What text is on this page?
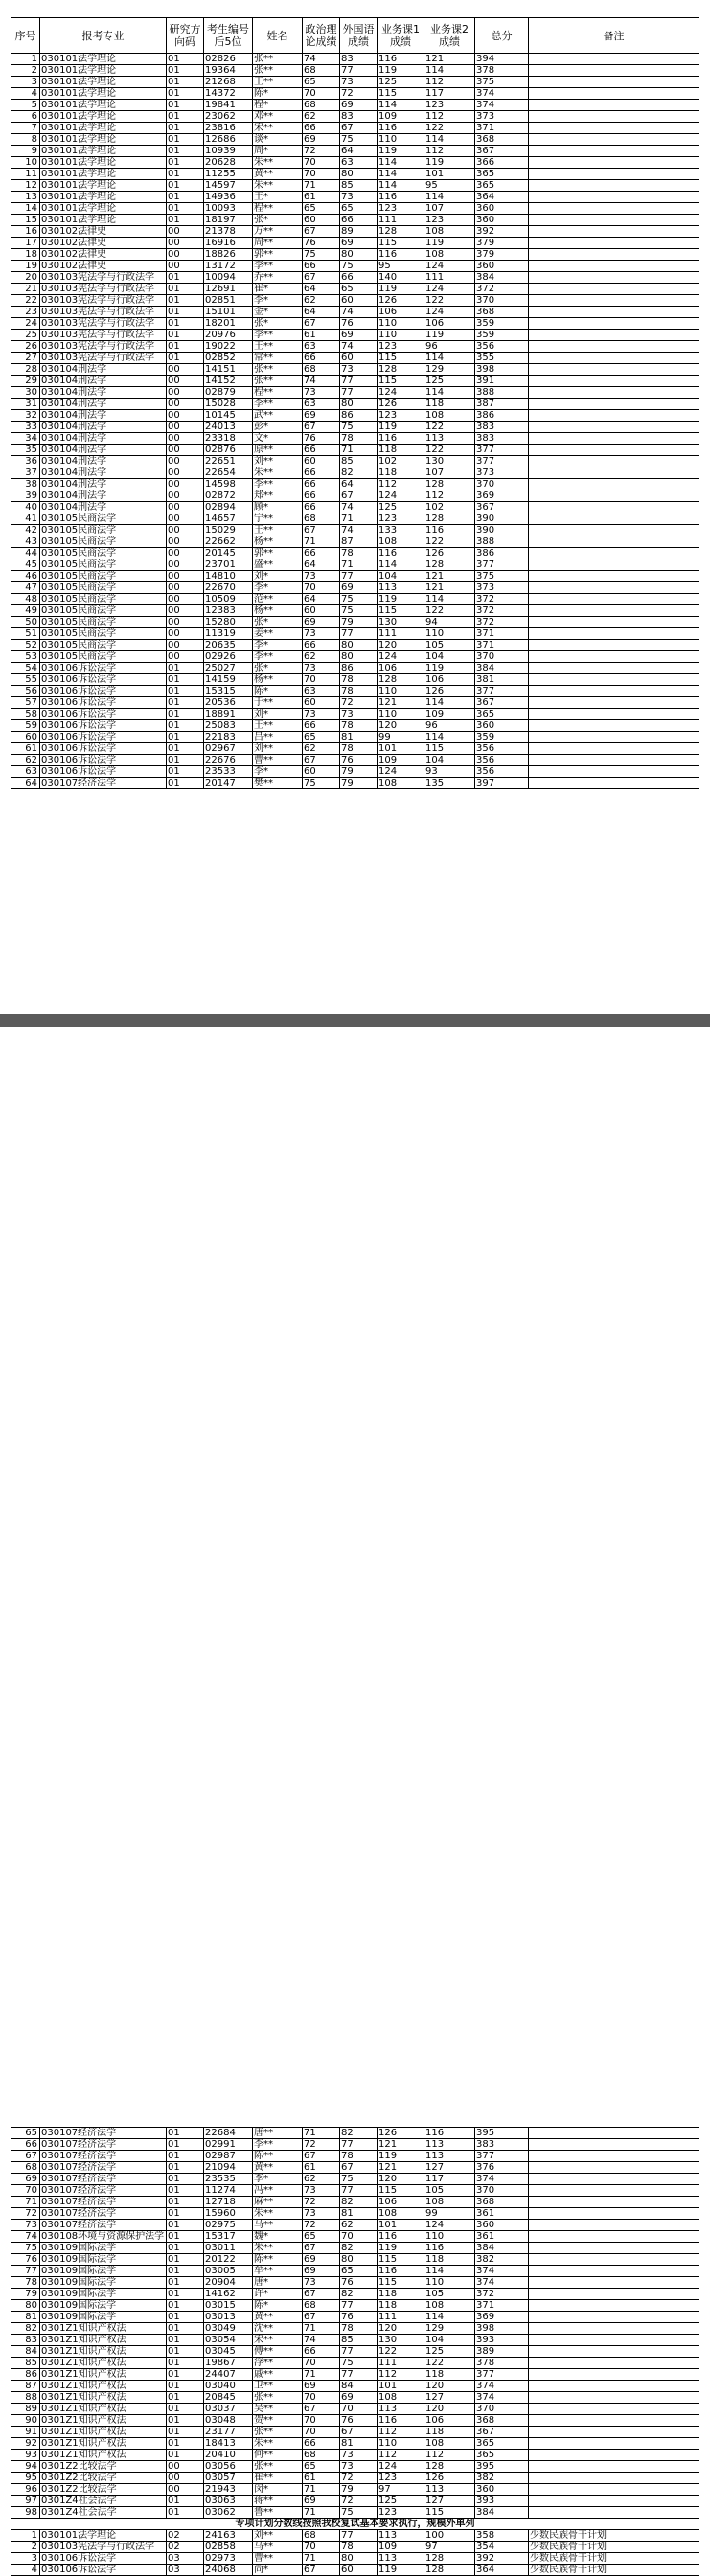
序号	报考专业	研究方向码	考生编号后5位	姓名	政治理论成绩	外国语成绩	业务课1成绩	业务课2成绩	总分	备注
1	030101法学理论	01	02826	张**	74	83	116	121	394	
2	030101法学理论	01	19364	张**	68	77	119	114	378	
3	030101法学理论	01	21268	王**	65	73	125	112	375	
4	030101法学理论	01	14372	陈*	70	72	115	117	374	
5	030101法学理论	01	19841	程*	68	69	114	123	374	
6	030101法学理论	01	23062	邓**	62	83	109	112	373	
7	030101法学理论	01	23816	宋**	66	67	116	122	371	
8	030101法学理论	01	12686	谈*	69	75	110	114	368	
9	030101法学理论	01	10939	周*	72	64	119	112	367	
10	030101法学理论	01	20628	朱**	70	63	114	119	366	
11	030101法学理论	01	11255	黄**	70	80	114	101	365	
12	030101法学理论	01	14597	朱**	71	85	114	95	365	
13	030101法学理论	01	14936	王*	61	73	116	114	364	
14	030101法学理论	01	10093	程**	65	65	123	107	360	
15	030101法学理论	01	18197	张*	60	66	111	123	360	
16	030102法律史	00	21378	万**	67	89	128	108	392	
17	030102法律史	00	16916	周**	76	69	115	119	379	
18	030102法律史	00	18826	郭**	75	80	116	108	379	
19	030102法律史	00	13172	李**	66	75	95	124	360	
20	030103宪法学与行政法学	01	10094	乔**	67	66	140	111	384	
21	030103宪法学与行政法学	01	12691	崔*	64	65	119	124	372	
22	030103宪法学与行政法学	01	02851	李*	62	60	126	122	370	
23	030103宪法学与行政法学	01	15101	金*	64	74	106	124	368	
24	030103宪法学与行政法学	01	18201	张*	67	76	110	106	359	
25	030103宪法学与行政法学	01	20976	李**	61	69	110	119	359	
26	030103宪法学与行政法学	01	19022	王**	63	74	123	96	356	
27	030103宪法学与行政法学	01	02852	常**	66	60	115	114	355	
28	030104刑法学	00	14151	张**	68	73	128	129	398	
29	030104刑法学	00	14152	张**	74	77	115	125	391	
30	030104刑法学	00	02879	程**	73	77	124	114	388	
31	030104刑法学	00	15028	李**	63	80	126	118	387	
32	030104刑法学	00	10145	武**	69	86	123	108	386	
33	030104刑法学	00	24013	彭*	67	75	119	122	383	
34	030104刑法学	00	23318	文*	76	78	116	113	383	
35	030104刑法学	00	02876	原**	66	71	118	122	377	
36	030104刑法学	00	22651	刘**	60	85	102	130	377	
37	030104刑法学	00	22654	朱**	66	82	118	107	373	
38	030104刑法学	00	14598	李**	66	64	112	128	370	
39	030104刑法学	00	02872	郑**	66	67	124	112	369	
40	030104刑法学	00	02894	顾*	66	74	125	102	367	
41	030105民商法学	00	14657	宁**	68	71	123	128	390	
42	030105民商法学	00	15029	王**	67	74	133	116	390	
43	030105民商法学	00	22662	杨**	71	87	108	122	388	
44	030105民商法学	00	20145	郭**	66	78	116	126	386	
45	030105民商法学	00	23701	盛**	64	71	114	128	377	
46	030105民商法学	00	14810	刘*	73	77	104	121	375	
47	030105民商法学	00	22670	李*	70	69	113	121	373	
48	030105民商法学	00	10509	范**	64	75	119	114	372	
49	030105民商法学	00	12383	杨**	60	75	115	122	372	
50	030105民商法学	00	15280	张*	69	79	130	94	372	
51	030105民商法学	00	11319	姜**	73	77	111	110	371	
52	030105民商法学	00	20635	李*	66	80	120	105	371	
53	030105民商法学	00	02926	李**	62	80	124	104	370	
54	030106诉讼法学	01	25027	张*	73	86	106	119	384	
55	030106诉讼法学	01	14159	杨**	70	78	128	106	381	
56	030106诉讼法学	01	15315	陈*	63	78	110	126	377	
57	030106诉讼法学	01	20536	于**	60	72	121	114	367	
58	030106诉讼法学	01	18891	刘*	73	73	110	109	365	
59	030106诉讼法学	01	25083	王**	66	78	120	96	360	
60	030106诉讼法学	01	22183	吕**	65	81	99	114	359	
61	030106诉讼法学	01	02967	刘**	62	78	101	115	356	
62	030106诉讼法学	01	22676	曹**	67	76	109	104	356	
63	030106诉讼法学	01	23533	李*	60	79	124	93	356	
64	030107经济法学	01	20147	樊**	75	79	108	135	397	
65	030107经济法学	01	22684	唐**	71	82	126	116	395	
66	030107经济法学	01	02991	李**	72	77	121	113	383	
67	030107经济法学	01	02987	陈**	67	78	119	113	377	
68	030107经济法学	01	21094	黄**	61	67	121	127	376	
69	030107经济法学	01	23535	李*	62	75	120	117	374	
70	030107经济法学	01	11274	冯**	73	77	115	105	370	
71	030107经济法学	01	12718	麻**	72	82	106	108	368	
72	030107经济法学	01	15960	朱**	73	81	108	99	361	
73	030107经济法学	01	02975	马**	72	62	101	124	360	
74	030108环境与资源保护法学	01	15317	魏*	65	70	116	110	361	
75	030109国际法学	01	03011	朱**	67	82	119	116	384	
76	030109国际法学	01	20122	陈**	69	80	115	118	382	
77	030109国际法学	01	03005	牟**	69	65	116	114	374	
78	030109国际法学	01	20904	唐*	73	76	115	110	374	
79	030109国际法学	01	14162	许*	67	82	118	105	372	
80	030109国际法学	01	03015	陈*	68	77	118	108	371	
81	030109国际法学	01	03013	黄**	67	76	111	114	369	
82	0301Z1知识产权法	01	03049	沈**	71	78	120	129	398	
83	0301Z1知识产权法	01	03054	宋**	74	85	130	104	393	
84	0301Z1知识产权法	01	03045	傅**	66	77	122	125	389	
85	0301Z1知识产权法	01	19867	浮**	70	75	111	122	378	
86	0301Z1知识产权法	01	24407	戚**	71	77	112	118	377	
87	0301Z1知识产权法	01	03040	卫**	69	84	101	120	374	
88	0301Z1知识产权法	01	20845	张**	70	69	108	127	374	
89	0301Z1知识产权法	01	03037	吴**	67	70	113	120	370	
90	0301Z1知识产权法	01	03048	贺**	70	76	116	106	368	
91	0301Z1知识产权法	01	23177	张**	70	67	112	118	367	
92	0301Z1知识产权法	01	18413	朱**	66	81	110	108	365	
93	0301Z1知识产权法	01	20410	何**	68	73	112	112	365	
94	0301Z2比较法学	00	03056	张**	65	73	124	128	395	
95	0301Z2比较法学	00	03057	崔**	61	72	123	126	382	
96	0301Z2比较法学	00	21943	闵*	71	79	97	113	360	
97	0301Z4社会法学	01	03063	蒋**	69	72	125	127	393	
98	0301Z4社会法学	01	03062	鲁**	71	75	123	115	384	
专项计划分数线按照我校复试基本要求执行，规模外单列										
1	030101法学理论	02	24163	刘**	68	77	113	100	358	少数民族骨干计划
2	030103宪法学与行政法学	02	02858	马**	70	78	109	97	354	少数民族骨干计划
3	030106诉讼法学	03	02973	曹**	71	80	113	128	392	少数民族骨干计划
4	030106诉讼法学	03	24068	尚*	67	60	119	128	364	少数民族骨干计划
